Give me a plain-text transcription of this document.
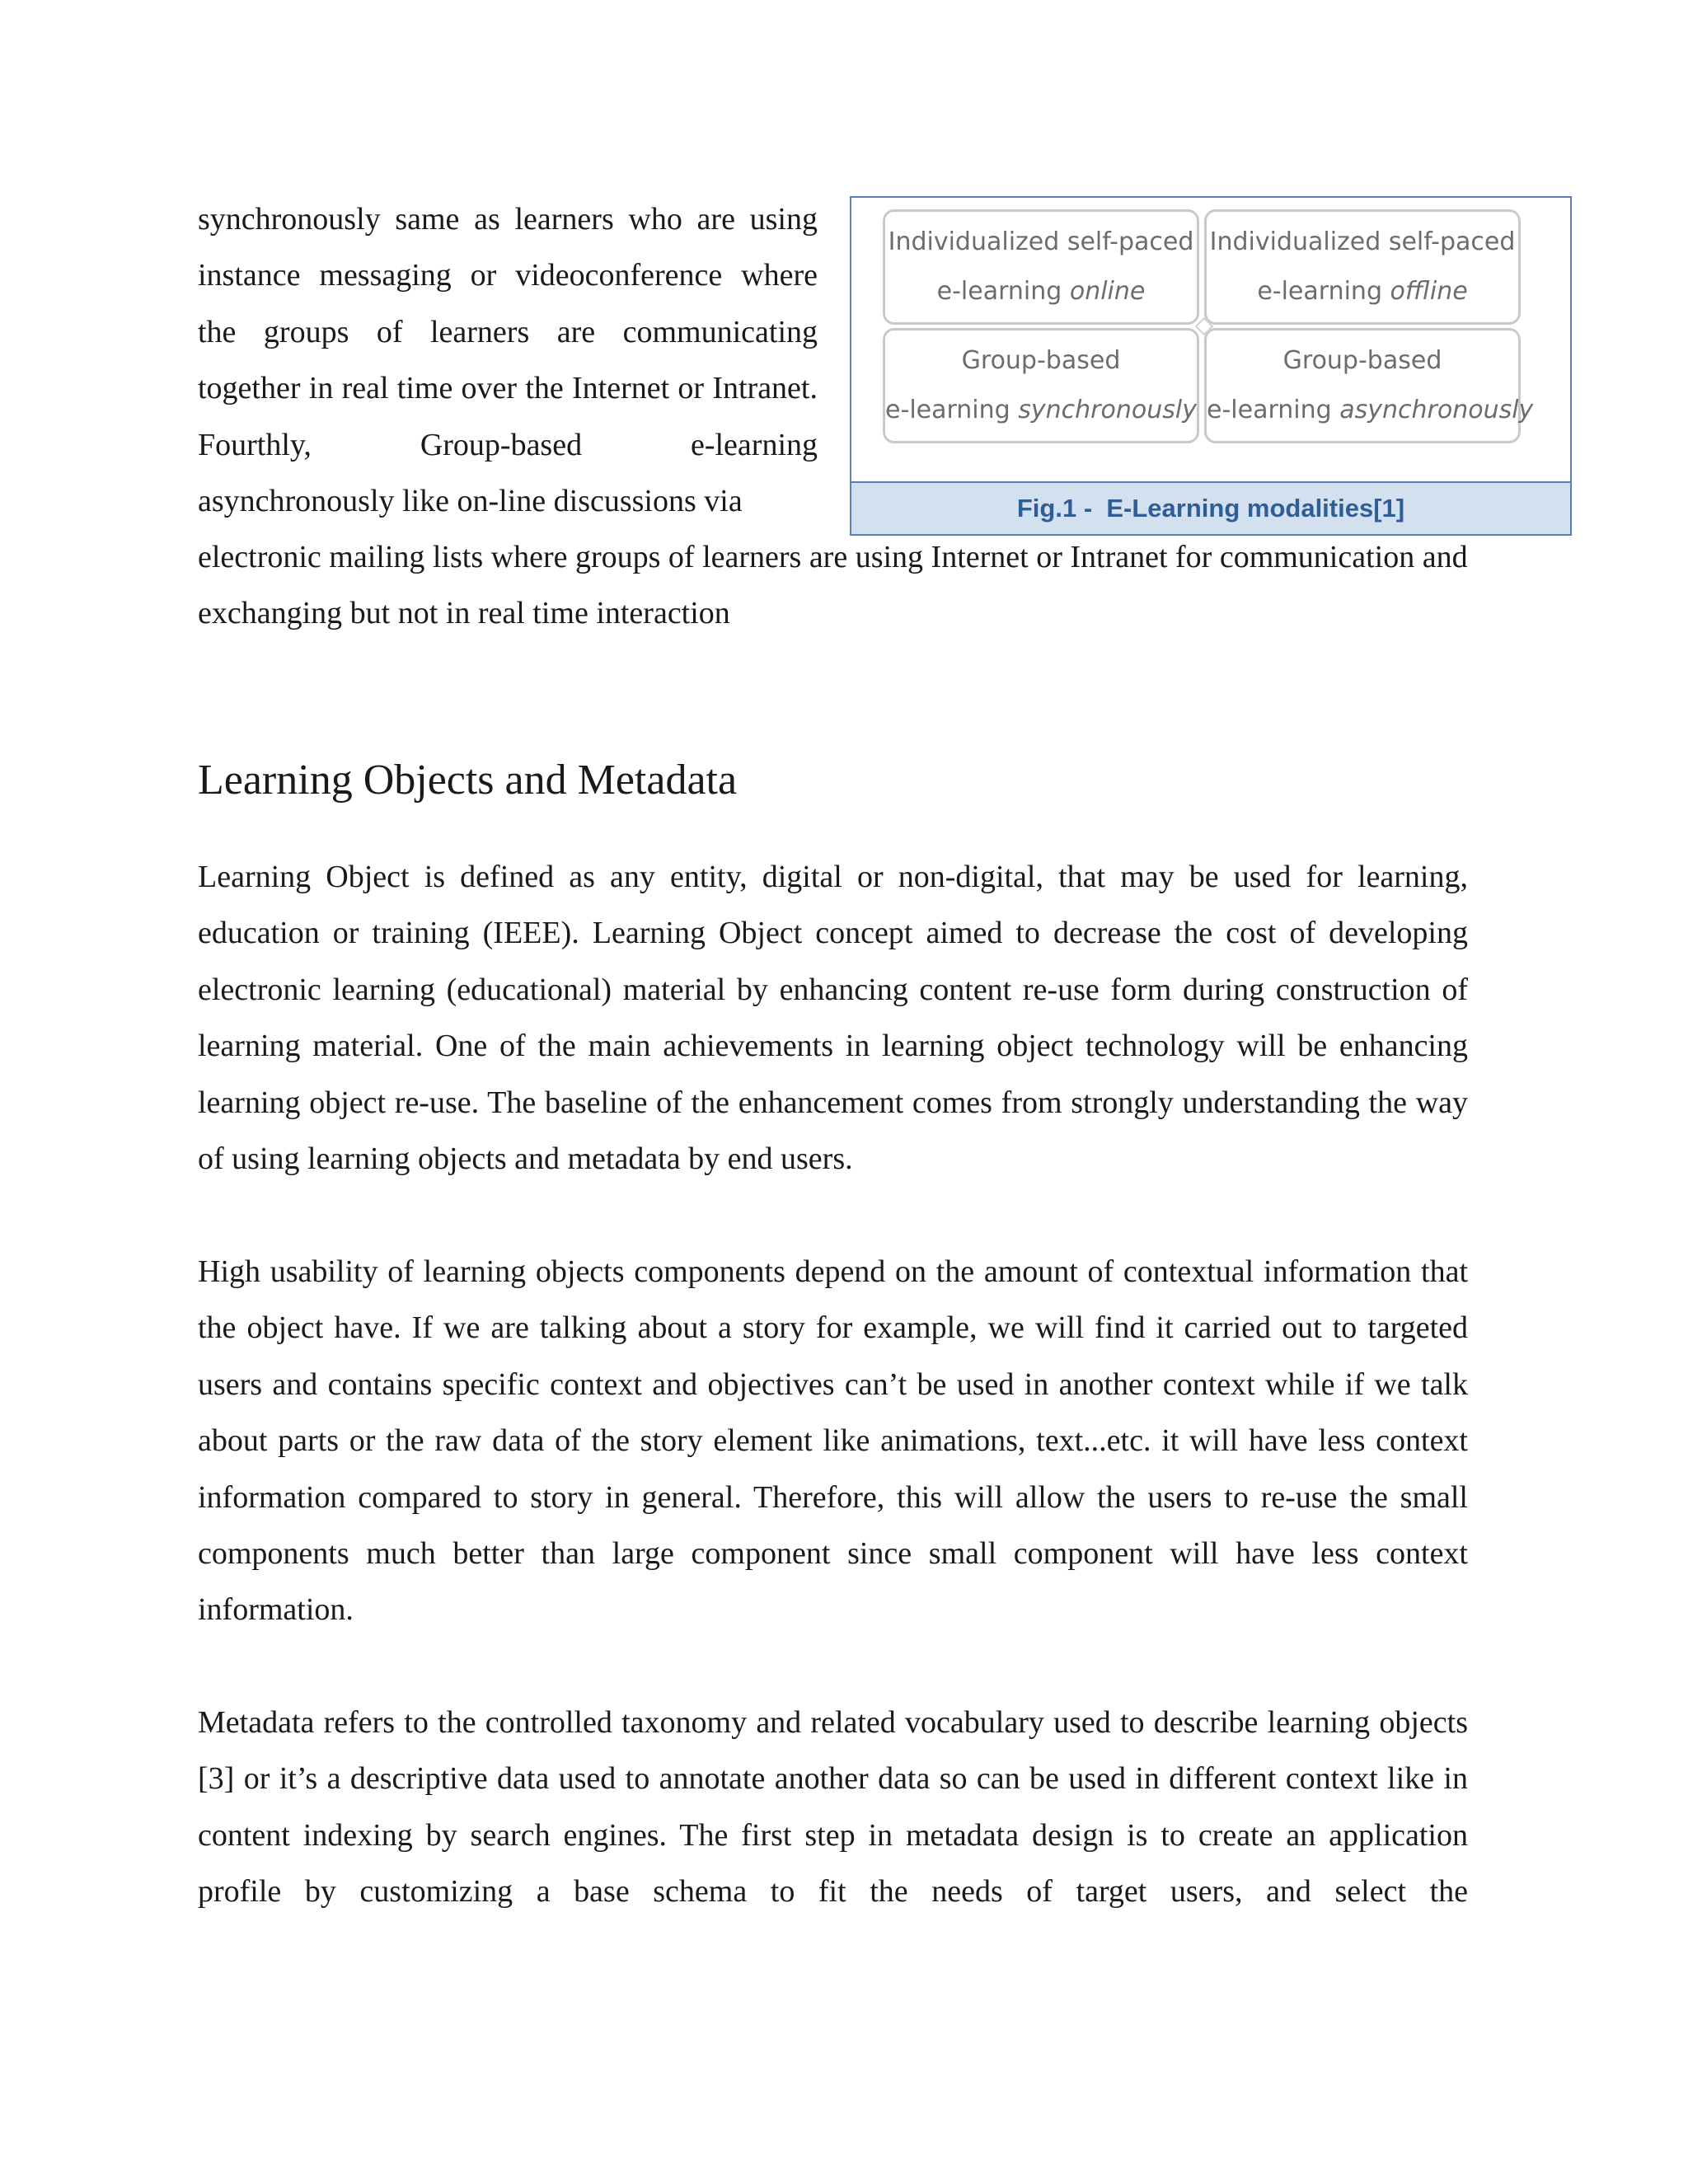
synchronously same as learners who are using instance messaging or videoconference where the groups of learners are communicating together in real time over the Internet or Intranet. Fourthly, Group-based e-learning
asynchronously like on-line discussions via

Individualized self-paced
e-learning online
Individualized self-paced
e-learning offline
Group-based
e-learning synchronously
Group-based
e-learning asynchronously
Fig.1 -  E-Learning modalities[1]

electronic mailing lists where groups of learners are using Internet or Intranet for communication and exchanging but not in real time interaction

Learning Objects and Metadata

Learning Object is defined as any entity, digital or non-digital, that may be used for learning, education or training (IEEE). Learning Object concept aimed to decrease the cost of developing electronic learning (educational) material by enhancing content re-use form during construction of learning material. One of the main achievements in learning object technology will be enhancing learning object re-use. The baseline of the enhancement comes from strongly understanding the way of using learning objects and metadata by end users.

High usability of learning objects components depend on the amount of contextual information that the object have. If we are talking about a story for example, we will find it carried out to targeted users and contains specific context and objectives can’t be used in another context while if we talk about parts or the raw data of the story element like animations, text...etc. it will have less context information compared to story in general. Therefore, this will allow the users to re-use the small components much better than large component since small component will have less context information.

Metadata refers to the controlled taxonomy and related vocabulary used to describe learning objects [3] or it’s a descriptive data used to annotate another data so can be used in different context like in content indexing by search engines. The first step in metadata design is to create an application profile by customizing a base schema to fit the needs of target users, and select the
